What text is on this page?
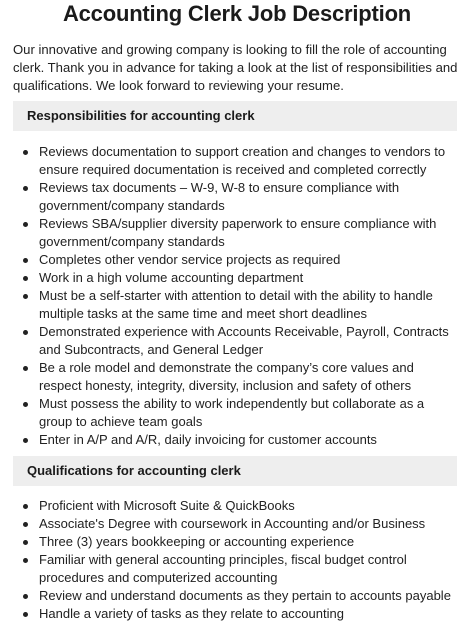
Accounting Clerk Job Description
Our innovative and growing company is looking to fill the role of accounting clerk. Thank you in advance for taking a look at the list of responsibilities and qualifications. We look forward to reviewing your resume.
Responsibilities for accounting clerk
Reviews documentation to support creation and changes to vendors to ensure required documentation is received and completed correctly
Reviews tax documents – W-9, W-8 to ensure compliance with government/company standards
Reviews SBA/supplier diversity paperwork to ensure compliance with government/company standards
Completes other vendor service projects as required
Work in a high volume accounting department
Must be a self-starter with attention to detail with the ability to handle multiple tasks at the same time and meet short deadlines
Demonstrated experience with Accounts Receivable, Payroll, Contracts and Subcontracts, and General Ledger
Be a role model and demonstrate the company’s core values and respect honesty, integrity, diversity, inclusion and safety of others
Must possess the ability to work independently but collaborate as a group to achieve team goals
Enter in A/P and A/R, daily invoicing for customer accounts
Qualifications for accounting clerk
Proficient with Microsoft Suite & QuickBooks
Associate's Degree with coursework in Accounting and/or Business
Three (3) years bookkeeping or accounting experience
Familiar with general accounting principles, fiscal budget control procedures and computerized accounting
Review and understand documents as they pertain to accounts payable
Handle a variety of tasks as they relate to accounting
